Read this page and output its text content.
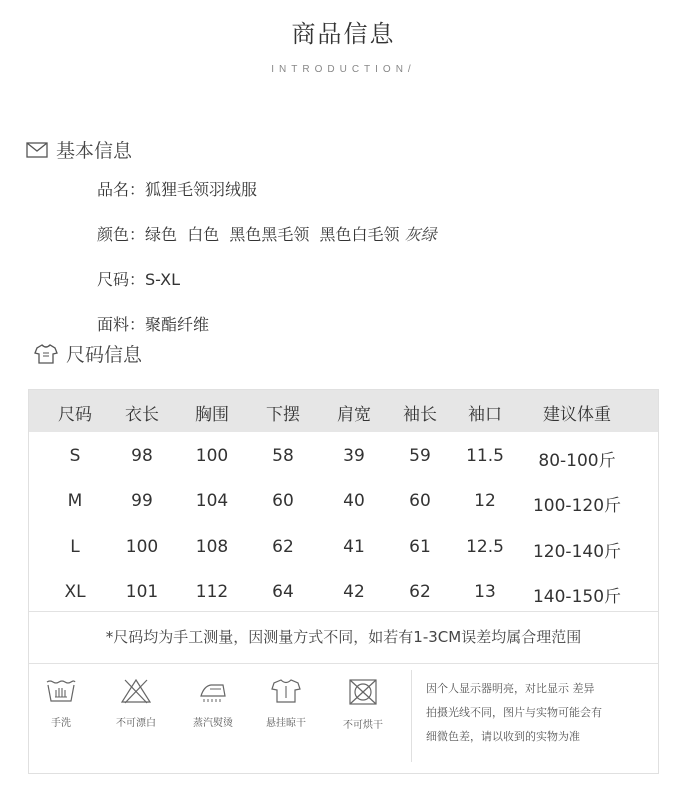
商品信息
INTRODUCTION/
基本信息
品名：狐狸毛领羽绒服
颜色：绿色  白色  黑色黑毛领  黑色白毛领 灰绿
尺码：S-XL
面料：聚酯纤维
尺码信息
尺码 衣长 胸围 下摆 肩宽 袖长 袖口 建议体重
S	98	100	58	39	59 11.5 80-100斤
M	99	104	60	40	60	12 100-120斤
L	100 108	62	41	61 12.5 120-140斤
XL 101 112	64	42	62	13 140-150斤
*尺码均为手工测量，因测量方式不同，如若有1-3CM误差均属合理范围
手洗	不可漂白	蒸汽熨烫	悬挂晾干	不可烘干
因个人显示器明亮，对比显示 差异
拍摄光线不同，图片与实物可能会有
细微色差，请以收到的实物为准
